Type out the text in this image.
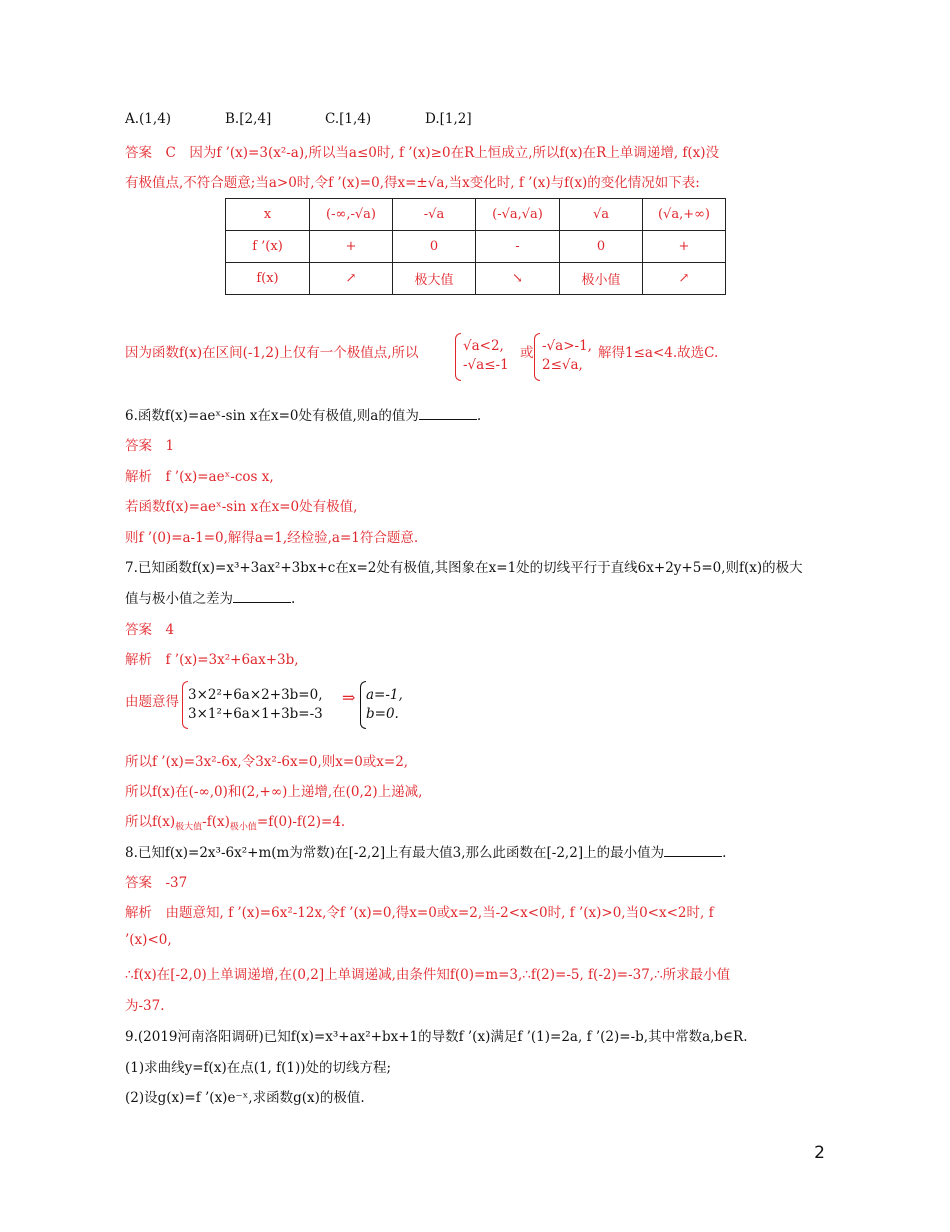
A.(1,4)	B.[2,4]	C.[1,4)	D.[1,2]
答案　C　因为f ’(x)=3(x²-a),所以当a≤0时, f ’(x)≥0在R上恒成立,所以f(x)在R上单调递增, f(x)没
有极值点,不符合题意;当a>0时,令f ’(x)=0,得x=±√a,当x变化时, f ’(x)与f(x)的变化情况如下表:
x	(-∞,-√a)	-√a	(-√a,√a)	√a	(√a,+∞)
f ’(x)	+	0	-	0	+
f(x)	↗	极大值	↘	极小值	↗
因为函数f(x)在区间(-1,2)上仅有一个极值点,所以	√a<2,
-√a≤-1
或 -√a>-1,
2≤√a,
解得1≤a<4.故选C.
6.函数f(x)=aeˣ-sin x在x=0处有极值,则a的值为	.
答案　1
解析　f ’(x)=aeˣ-cos x,
若函数f(x)=aeˣ-sin x在x=0处有极值,
则f ’(0)=a-1=0,解得a=1,经检验,a=1符合题意.
7.已知函数f(x)=x³+3ax²+3bx+c在x=2处有极值,其图象在x=1处的切线平行于直线6x+2y+5=0,则f(x)的极大
值与极小值之差为	.
答案　4
解析　f ’(x)=3x²+6ax+3b,
由题意得 3×2²+6a×2+3b=0,
3×1²+6a×1+3b=-3
⇒ a=-1,
b=0.
所以f ’(x)=3x²-6x,令3x²-6x=0,则x=0或x=2,
所以f(x)在(-∞,0)和(2,+∞)上递增,在(0,2)上递减,
所以$f(x)_{极大值}-f(x)_{极小值}=f(0)-f(2)=4$.
8.已知f(x)=2x³-6x²+m(m为常数)在[-2,2]上有最大值3,那么此函数在[-2,2]上的最小值为	.
答案　-37
解析　由题意知, f ’(x)=6x²-12x,令f ’(x)=0,得x=0或x=2,当-2<x<0时, f ’(x)>0,当0<x<2时, f
’(x)<0,
∴f(x)在[-2,0)上单调递增,在(0,2]上单调递减,由条件知f(0)=m=3,∴f(2)=-5, f(-2)=-37,∴所求最小值
为-37.
9.(2019河南洛阳调研)已知f(x)=x³+ax²+bx+1的导数f ’(x)满足f ’(1)=2a, f ’(2)=-b,其中常数a,b∈R.
(1)求曲线y=f(x)在点(1, f(1))处的切线方程;
(2)设g(x)=f ’(x)e⁻ˣ,求函数g(x)的极值.
2
